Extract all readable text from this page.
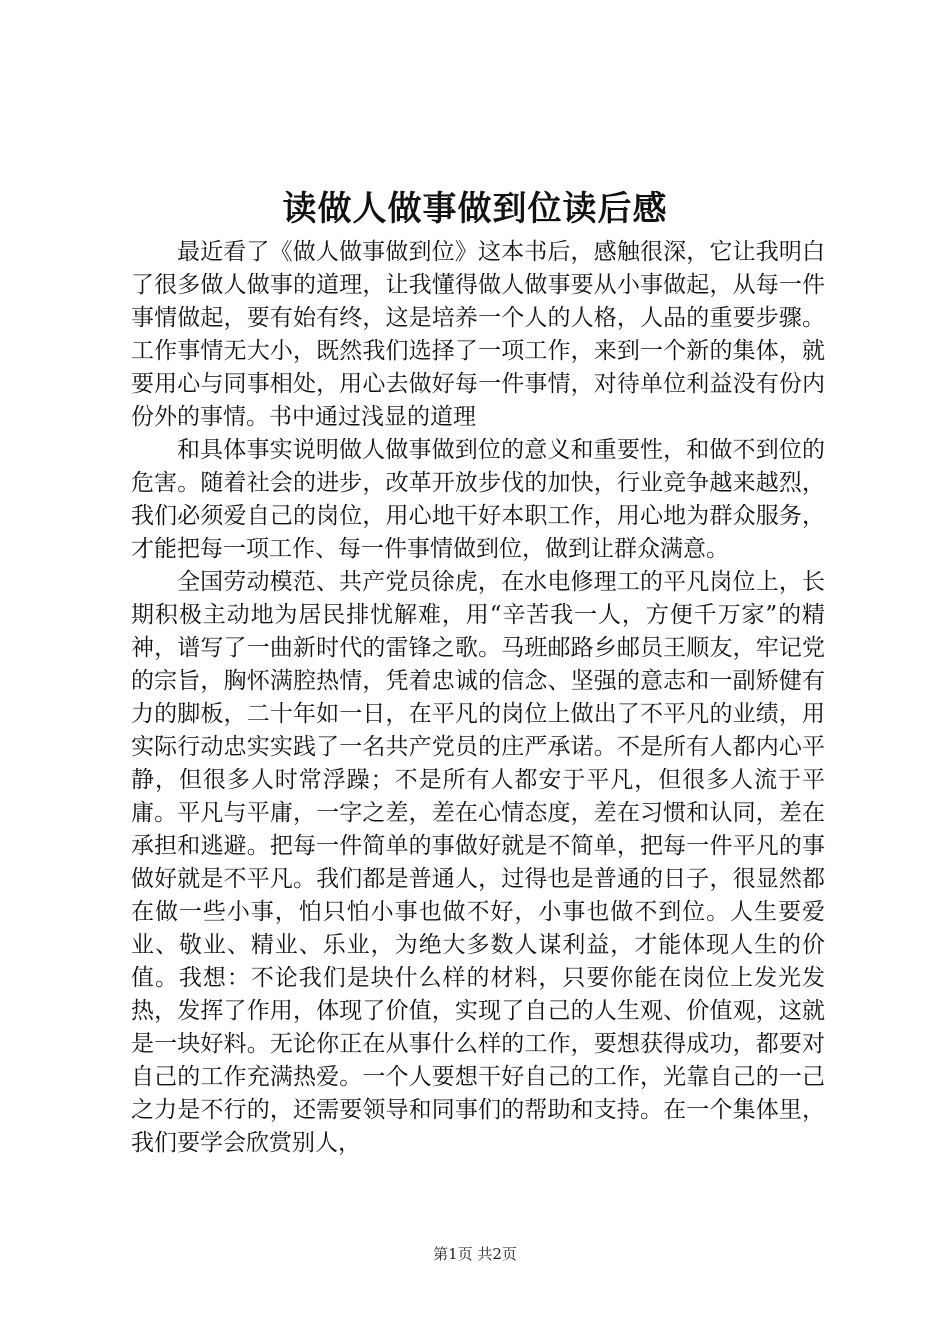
读做人做事做到位读后感

最近看了《做人做事做到位》这本书后，感触很深，它让我明白了很多做人做事的道理，让我懂得做人做事要从小事做起，从每一件事情做起，要有始有终，这是培养一个人的人格，人品的重要步骤。工作事情无大小，既然我们选择了一项工作，来到一个新的集体，就要用心与同事相处，用心去做好每一件事情，对待单位利益没有份内份外的事情。书中通过浅显的道理

和具体事实说明做人做事做到位的意义和重要性，和做不到位的危害。随着社会的进步，改革开放步伐的加快，行业竞争越来越烈，我们必须爱自己的岗位，用心地干好本职工作，用心地为群众服务，才能把每一项工作、每一件事情做到位，做到让群众满意。

全国劳动模范、共产党员徐虎，在水电修理工的平凡岗位上，长期积极主动地为居民排忧解难，用“辛苦我一人，方便千万家”的精神，谱写了一曲新时代的雷锋之歌。马班邮路乡邮员王顺友，牢记党的宗旨，胸怀满腔热情，凭着忠诚的信念、坚强的意志和一副矫健有力的脚板，二十年如一日，在平凡的岗位上做出了不平凡的业绩，用实际行动忠实实践了一名共产党员的庄严承诺。不是所有人都内心平静，但很多人时常浮躁；不是所有人都安于平凡，但很多人流于平庸。平凡与平庸，一字之差，差在心情态度，差在习惯和认同，差在承担和逃避。把每一件简单的事做好就是不简单，把每一件平凡的事做好就是不平凡。我们都是普通人，过得也是普通的日子，很显然都在做一些小事，怕只怕小事也做不好，小事也做不到位。人生要爱业、敬业、精业、乐业，为绝大多数人谋利益，才能体现人生的价值。我想：不论我们是块什么样的材料，只要你能在岗位上发光发热，发挥了作用，体现了价值，实现了自己的人生观、价值观，这就是一块好料。无论你正在从事什么样的工作，要想获得成功，都要对自己的工作充满热爱。一个人要想干好自己的工作，光靠自己的一己之力是不行的，还需要领导和同事们的帮助和支持。在一个集体里，我们要学会欣赏别人，

第1页 共2页
